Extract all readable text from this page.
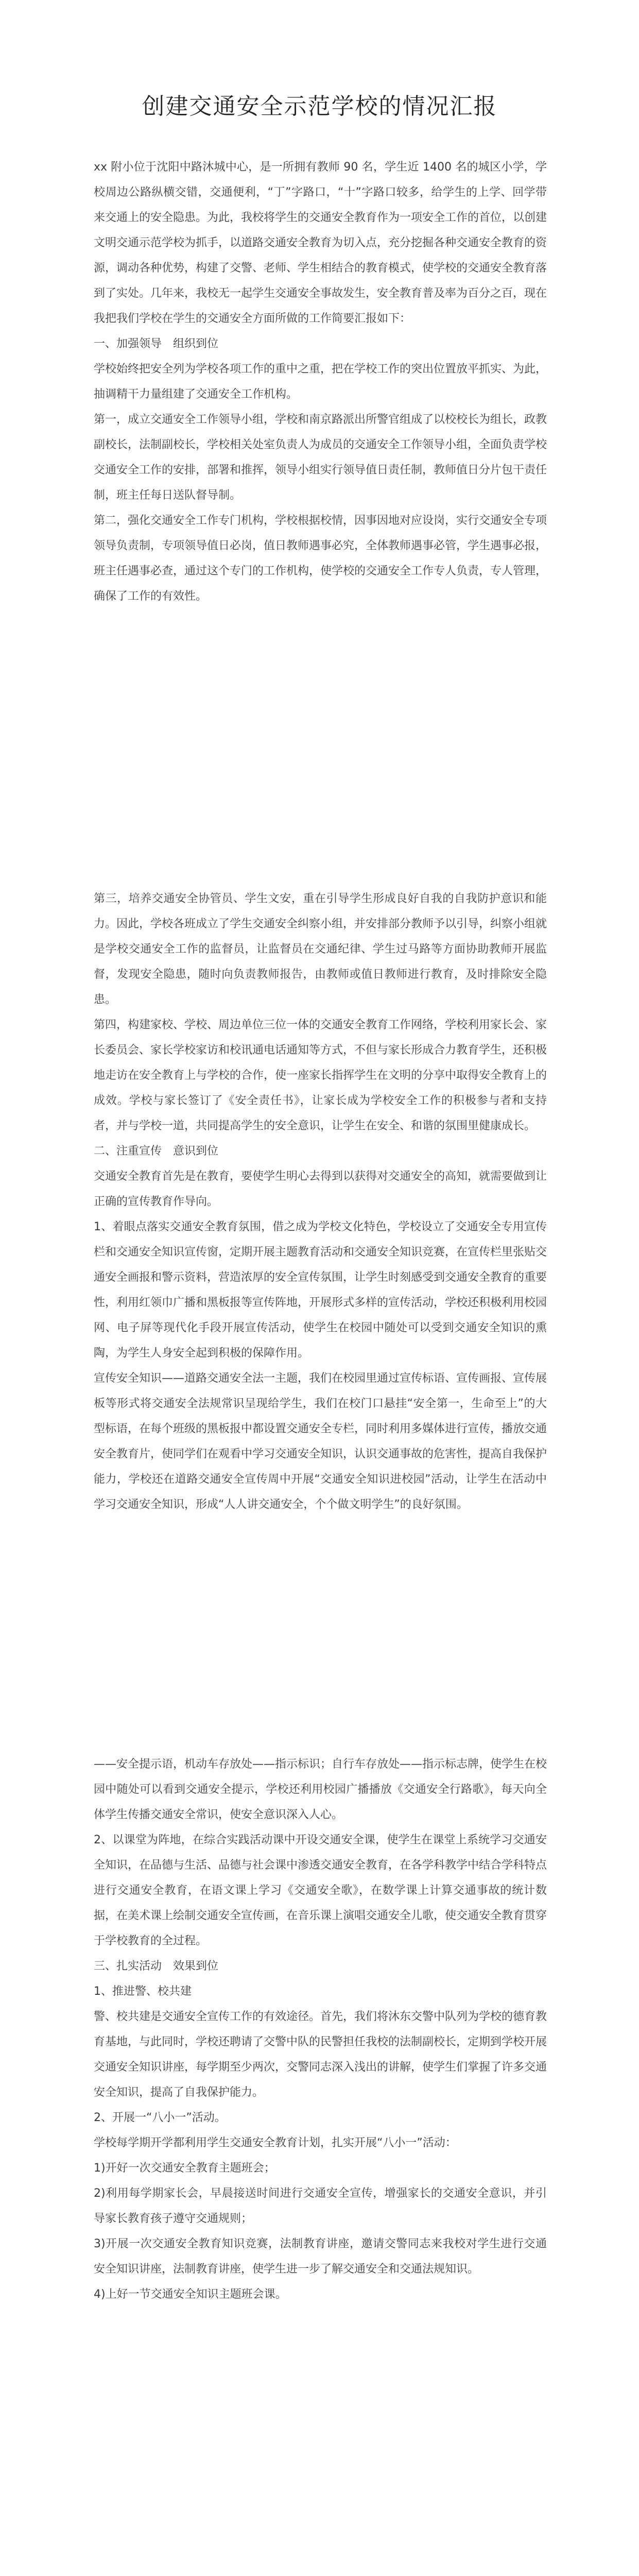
创建交通安全示范学校的情况汇报

xx 附小位于沈阳中路沐城中心，是一所拥有教师 90 名，学生近 1400 名的城区小学，学校周边公路纵横交错，交通便利，“丁”字路口，“十”字路口较多，给学生的上学、回学带来交通上的安全隐患。为此，我校将学生的交通安全教育作为一项安全工作的首位，以创建文明交通示范学校为抓手，以道路交通安全教育为切入点，充分挖掘各种交通安全教育的资源，调动各种优势，构建了交警、老师、学生相结合的教育模式，使学校的交通安全教育落到了实处。几年来，我校无一起学生交通安全事故发生，安全教育普及率为百分之百，现在我把我们学校在学生的交通安全方面所做的工作简要汇报如下：

一、加强领导　组织到位

学校始终把安全列为学校各项工作的重中之重，把在学校工作的突出位置放平抓实、为此，抽调精干力量组建了交通安全工作机构。

第一，成立交通安全工作领导小组，学校和南京路派出所警官组成了以校校长为组长，政教副校长，法制副校长，学校相关处室负责人为成员的交通安全工作领导小组，全面负责学校交通安全工作的安排，部署和推挥，领导小组实行领导值日责任制，教师值日分片包干责任制，班主任每日送队督导制。

第二，强化交通安全工作专门机构，学校根据校情，因事因地对应设岗，实行交通安全专项领导负责制，专项领导值日必岗，值日教师遇事必究，全体教师遇事必管，学生遇事必报，班主任遇事必查，通过这个专门的工作机构，使学校的交通安全工作专人负责，专人管理，确保了工作的有效性。

第三，培养交通安全协管员、学生文安，重在引导学生形成良好自我的自我防护意识和能力。因此，学校各班成立了学生交通安全纠察小组，并安排部分教师予以引导，纠察小组就是学校交通安全工作的监督员，让监督员在交通纪律、学生过马路等方面协助教师开展监督，发现安全隐患，随时向负责教师报告，由教师或值日教师进行教育，及时排除安全隐患。

第四，构建家校、学校、周边单位三位一体的交通安全教育工作网络，学校利用家长会、家长委员会、家长学校家访和校讯通电话通知等方式，不但与家长形成合力教育学生，还积极地走访在安全教育上与学校的合作，使一座家长指挥学生在文明的分享中取得安全教育上的成效。学校与家长签订了《安全责任书》，让家长成为学校安全工作的积极参与者和支持者，并与学校一道，共同提高学生的安全意识，让学生在安全、和谐的氛围里健康成长。

二、注重宣传　意识到位

交通安全教育首先是在教育，要使学生明心去得到以获得对交通安全的高知，就需要做到让正确的宣传教育作导向。

1、着眼点落实交通安全教育氛围，借之成为学校文化特色，学校设立了交通安全专用宣传栏和交通安全知识宣传窗，定期开展主题教育活动和交通安全知识竞赛，在宣传栏里张贴交通安全画报和警示资料，营造浓厚的安全宣传氛围，让学生时刻感受到交通安全教育的重要性，利用红领巾广播和黑板报等宣传阵地，开展形式多样的宣传活动，学校还积极利用校园网、电子屏等现代化手段开展宣传活动，使学生在校园中随处可以受到交通安全知识的熏陶，为学生人身安全起到积极的保障作用。

宣传安全知识——道路交通安全法一主题，我们在校园里通过宣传标语、宣传画报、宣传展板等形式将交通安全法规常识呈现给学生，我们在校门口悬挂“安全第一，生命至上”的大型标语，在每个班级的黑板报中都设置交通安全专栏，同时利用多媒体进行宣传，播放交通安全教育片，使同学们在观看中学习交通安全知识，认识交通事故的危害性，提高自我保护能力，学校还在道路交通安全宣传周中开展“交通安全知识进校园”活动，让学生在活动中学习交通安全知识，形成“人人讲交通安全，个个做文明学生”的良好氛围。

——安全提示语，机动车存放处——指示标识；自行车存放处——指示标志牌，使学生在校园中随处可以看到交通安全提示，学校还利用校园广播播放《交通安全行路歌》，每天向全体学生传播交通安全常识，使安全意识深入人心。

2、以课堂为阵地，在综合实践活动课中开设交通安全课，使学生在课堂上系统学习交通安全知识，在品德与生活、品德与社会课中渗透交通安全教育，在各学科教学中结合学科特点进行交通安全教育，在语文课上学习《交通安全歌》，在数学课上计算交通事故的统计数据，在美术课上绘制交通安全宣传画，在音乐课上演唱交通安全儿歌，使交通安全教育贯穿于学校教育的全过程。

三、扎实活动　效果到位

1、推进警、校共建

警、校共建是交通安全宣传工作的有效途径。首先，我们将沐东交警中队列为学校的德育教育基地，与此同时，学校还聘请了交警中队的民警担任我校的法制副校长，定期到学校开展交通安全知识讲座，每学期至少两次，交警同志深入浅出的讲解，使学生们掌握了许多交通安全知识，提高了自我保护能力。

2、开展一“八小一”活动。

学校每学期开学都利用学生交通安全教育计划，扎实开展“八小一”活动：

1)开好一次交通安全教育主题班会；

2)利用每学期家长会，早晨接送时间进行交通安全宣传，增强家长的交通安全意识，并引导家长教育孩子遵守交通规则；

3)开展一次交通安全教育知识竞赛，法制教育讲座，邀请交警同志来我校对学生进行交通安全知识讲座，法制教育讲座，使学生进一步了解交通安全和交通法规知识。

4)上好一节交通安全知识主题班会课。
